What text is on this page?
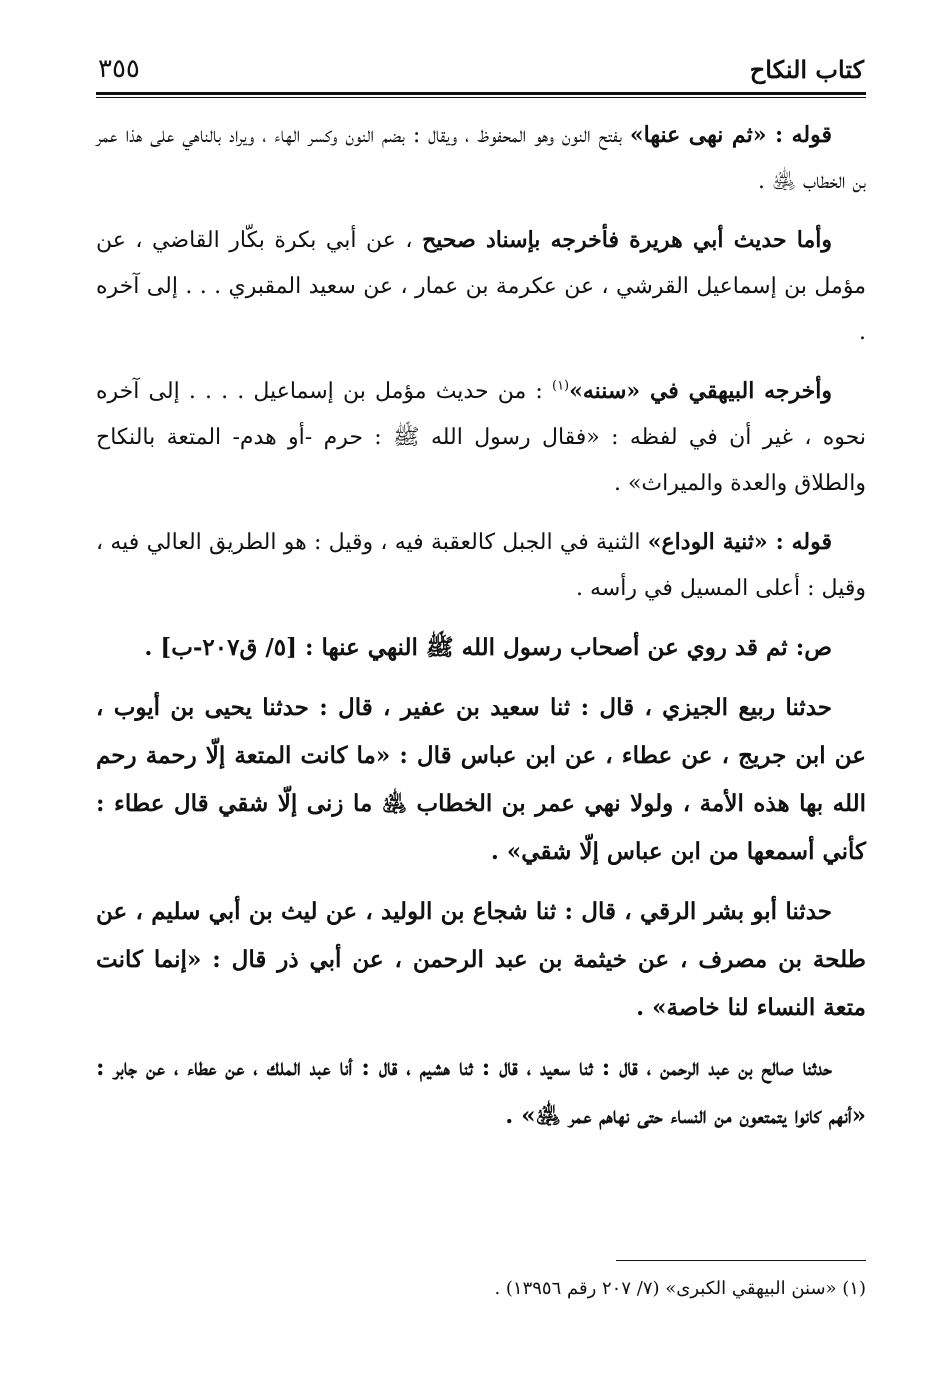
كتاب النكاح
٣٥٥

قوله : «ثم نهى عنها» بفتح النون وهو المحفوظ ، ويقال : بضم النون وكسر الهاء ، ويراد بالناهي على هذا عمر بن الخطاب ﵁ .

وأما حديث أبي هريرة فأخرجه بإسناد صحيح ، عن أبي بكرة بكّار القاضي ، عن مؤمل بن إسماعيل القرشي ، عن عكرمة بن عمار ، عن سعيد المقبري . . . إلى آخره .

وأخرجه البيهقي في «سننه»$^{(١)}$ : من حديث مؤمل بن إسماعيل . . . . إلى آخره نحوه ، غير أن في لفظه : «فقال رسول الله ﷺ : حرم -أو هدم- المتعة بالنكاح والطلاق والعدة والميراث» .

قوله : «ثنية الوداع» الثنية في الجبل كالعقبة فيه ، وقيل : هو الطريق العالي فيه ، وقيل : أعلى المسيل في رأسه .

ص: ثم قد روي عن أصحاب رسول الله ﷺ النهي عنها : [٥/ ق٢٠٧-ب] .

حدثنا ربيع الجيزي ، قال : ثنا سعيد بن عفير ، قال : حدثنا يحيى بن أيوب ، عن ابن جريج ، عن عطاء ، عن ابن عباس قال : «ما كانت المتعة إلّا رحمة رحم الله بها هذه الأمة ، ولولا نهي عمر بن الخطاب ﵁ ما زنى إلّا شقي قال عطاء : كأني أسمعها من ابن عباس إلّا شقي» .

حدثنا أبو بشر الرقي ، قال : ثنا شجاع بن الوليد ، عن ليث بن أبي سليم ، عن طلحة بن مصرف ، عن خيثمة بن عبد الرحمن ، عن أبي ذر قال : «إنما كانت متعة النساء لنا خاصة» .

حدثنا صالح بن عبد الرحمن ، قال : ثنا سعيد ، قال : ثنا هشيم ، قال : أنا عبد الملك ، عن عطاء ، عن جابر : «أنهم كانوا يتمتعون من النساء حتى نهاهم عمر ﵁» .

(١) «سنن البيهقي الكبرى» (٧/ ٢٠٧ رقم ١٣٩٥٦) .
